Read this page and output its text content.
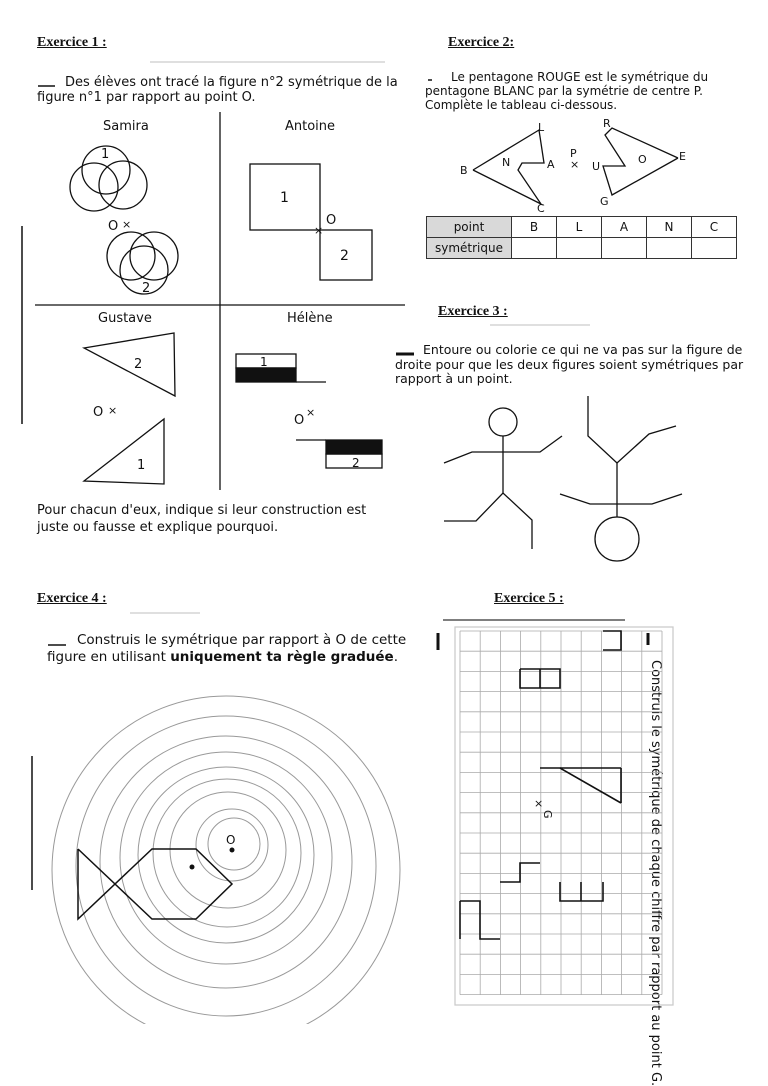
Exercice 1 :	Exercice 2:
Exercice 3 :
Exercice 4 :	Exercice 5 :
Des élèves ont tracé la figure n°2 symétrique de la figure n°1 par rapport au point O.
Le pentagone ROUGE est le symétrique du pentagone BLANC par la symétrie de centre P. Complète le tableau ci-dessous.
Entoure ou colorie ce qui ne va pas sur la figure de droite pour que les deux figures soient symétriques par rapport à un point.
Construis le symétrique par rapport à O de cette figure en utilisant uniquement ta règle graduée.
Pour chacun d'eux, indique si leur construction est juste ou fausse et explique pourquoi.
Samira	Antoine
Gustave	Hélène
point	B	L	A	N	C
symétrique					
Construis le symétrique de chaque chiffre par rapport au point G.
1
2
O ×
1
2
O
×
2
1
O ×
1
2
O
×
L
B
N	A
C
P
×
R
U
O	E
G
O
×
G
